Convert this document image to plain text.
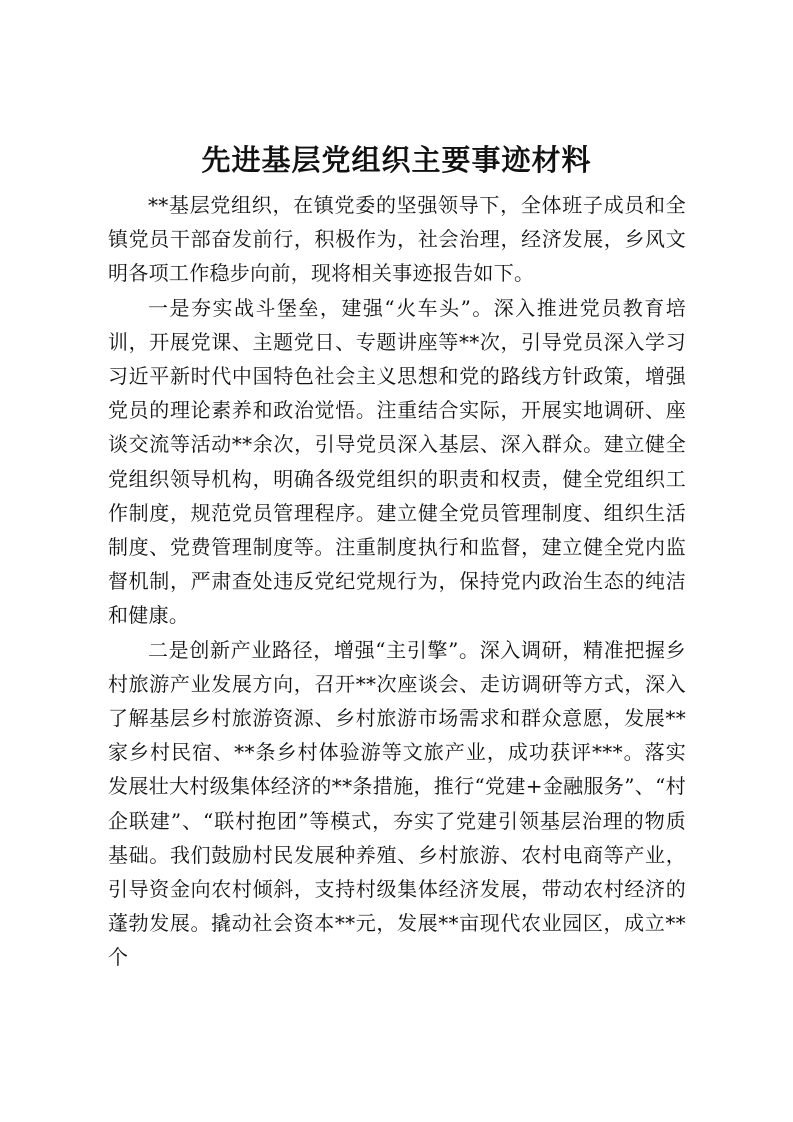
先进基层党组织主要事迹材料

**基层党组织，在镇党委的坚强领导下，全体班子成员和全镇党员干部奋发前行，积极作为，社会治理，经济发展，乡风文明各项工作稳步向前，现将相关事迹报告如下。

一是夯实战斗堡垒，建强“火车头”。深入推进党员教育培训，开展党课、主题党日、专题讲座等**次，引导党员深入学习习近平新时代中国特色社会主义思想和党的路线方针政策，增强党员的理论素养和政治觉悟。注重结合实际，开展实地调研、座谈交流等活动**余次，引导党员深入基层、深入群众。建立健全党组织领导机构，明确各级党组织的职责和权责，健全党组织工作制度，规范党员管理程序。建立健全党员管理制度、组织生活制度、党费管理制度等。注重制度执行和监督，建立健全党内监督机制，严肃查处违反党纪党规行为，保持党内政治生态的纯洁和健康。

二是创新产业路径，增强“主引擎”。深入调研，精准把握乡村旅游产业发展方向，召开**次座谈会、走访调研等方式，深入了解基层乡村旅游资源、乡村旅游市场需求和群众意愿，发展**家乡村民宿、**条乡村体验游等文旅产业，成功获评***。落实发展壮大村级集体经济的**条措施，推行“党建+金融服务”、“村企联建”、“联村抱团”等模式，夯实了党建引领基层治理的物质基础。我们鼓励村民发展种养殖、乡村旅游、农村电商等产业，引导资金向农村倾斜，支持村级集体经济发展，带动农村经济的蓬勃发展。撬动社会资本**元，发展**亩现代农业园区，成立**个
